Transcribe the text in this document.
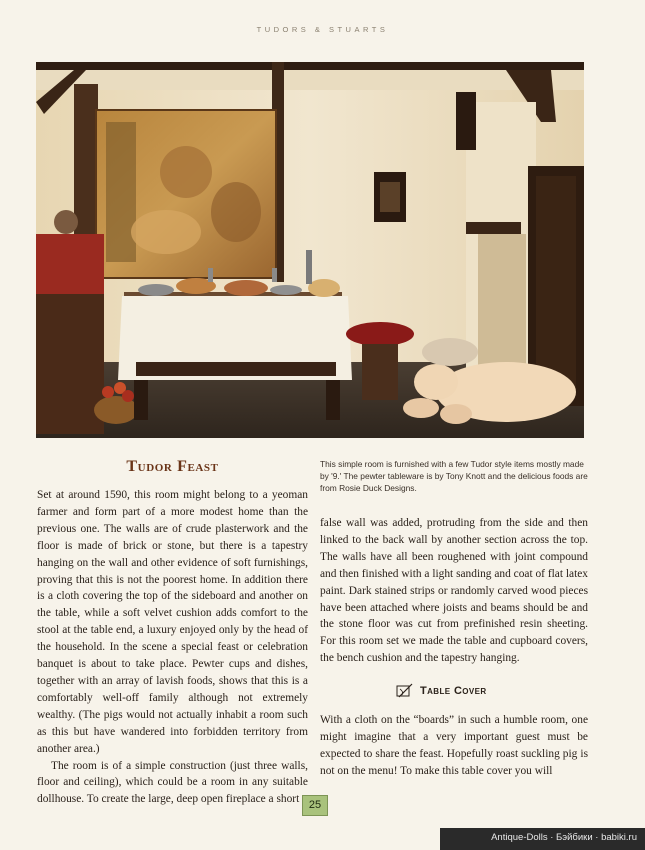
TUDORS & STUARTS
Tudor Feast	This simple room is furnished with a few Tudor style items mostly made by '9.' The pewter tableware is by Tony Knott and the delicious foods are from Rosie Duck Designs.

Set at around 1590, this room might belong to a yeoman farmer and form part of a more modest home than the previous one. The walls are of crude plasterwork and the floor is made of brick or stone, but there is a tapestry hanging on the wall and other evidence of soft furnishings, proving that this is not the poorest home. In addition there is a cloth covering the top of the sideboard and another on the table, while a soft velvet cushion adds comfort to the stool at the table end, a luxury enjoyed only by the head of the household. In the scene a special feast or celebration banquet is about to take place. Pewter cups and dishes, together with an array of lavish foods, shows that this is a comfortably well-off family although not extremely wealthy. (The pigs would not actually inhabit a room such as this but have wandered into forbidden territory from another area.)

The room is of a simple construction (just three walls, floor and ceiling), which could be a room in any suitable dollhouse. To create the large, deep open fireplace a short

false wall was added, protruding from the side and then linked to the back wall by another section across the top. The walls have all been roughened with joint compound and then finished with a light sanding and coat of flat latex paint. Dark stained strips or randomly carved wood pieces have been attached where joists and beams should be and the stone floor was cut from prefinished resin sheeting. For this room set we made the table and cupboard covers, the bench cushion and the tapestry hanging.

Table Cover

With a cloth on the “boards” in such a humble room, one might imagine that a very important guest must be expected to share the feast. Hopefully roast suckling pig is not on the menu! To make this table cover you will

25
Antique-Dolls · Бэйбики · babiki.ru
